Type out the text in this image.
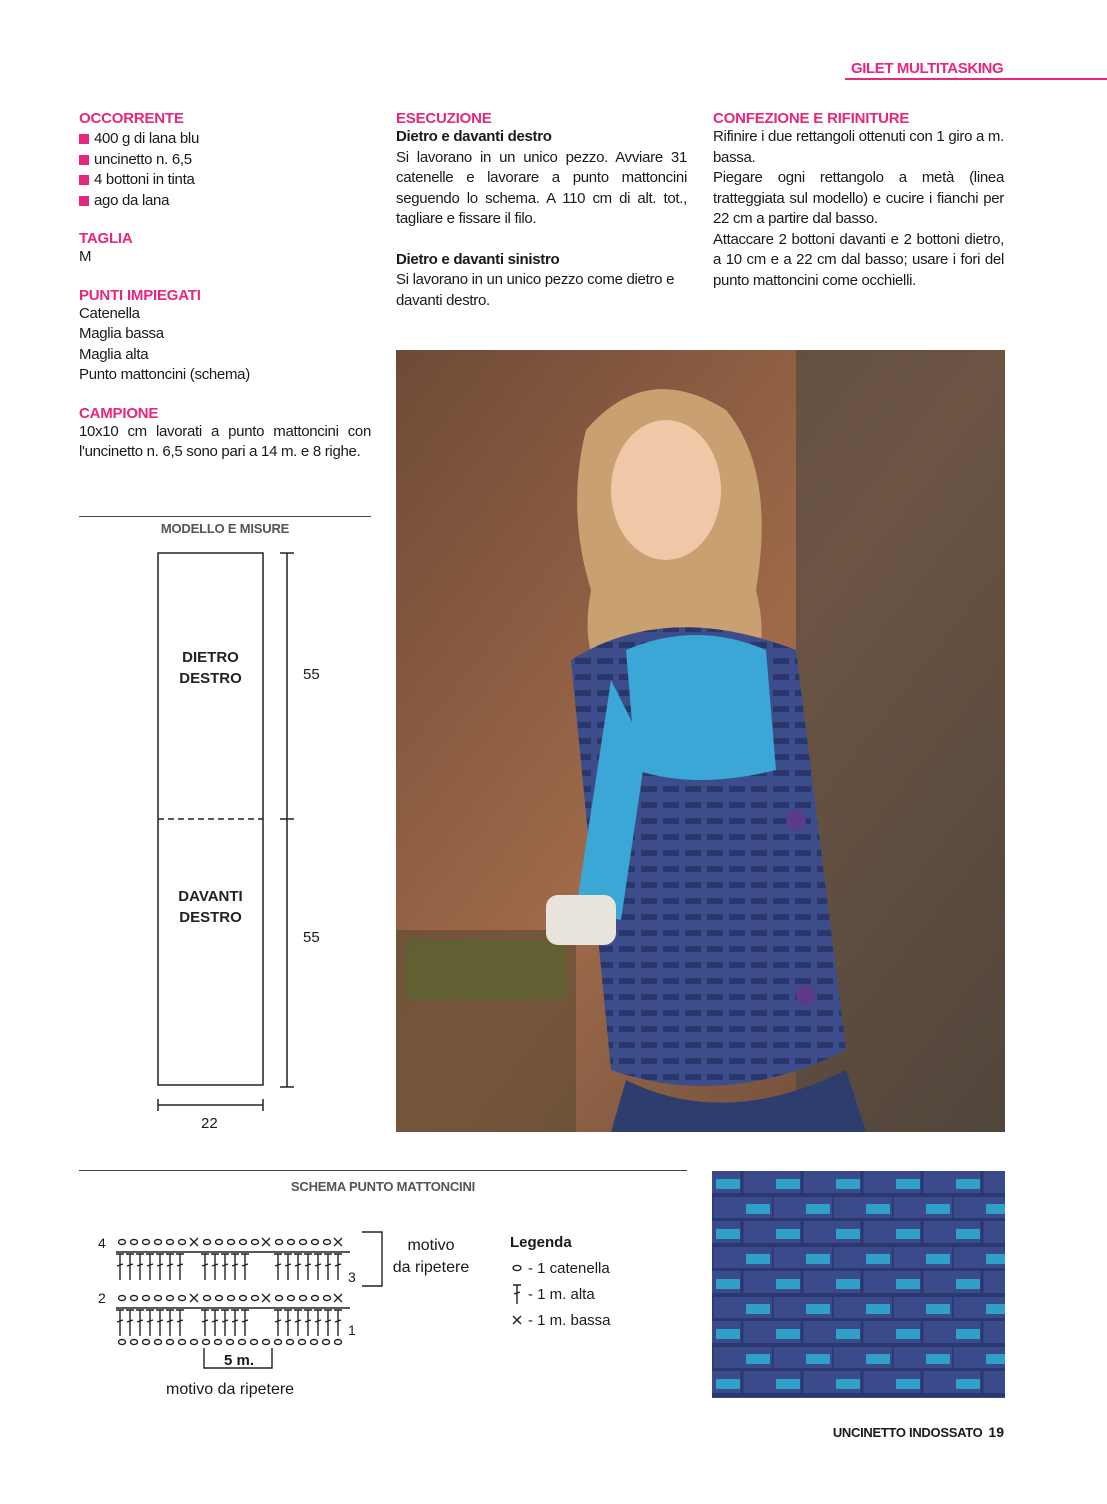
GILET MULTITASKING
OCCORRENTE
400 g di lana blu
uncinetto n. 6,5
4 bottoni in tinta
ago da lana
TAGLIA
M
PUNTI IMPIEGATI
Catenella
Maglia bassa
Maglia alta
Punto mattoncini (schema)
CAMPIONE
10x10 cm lavorati a punto mattoncini con l'uncinetto n. 6,5 sono pari a 14 m. e 8 righe.
ESECUZIONE
Dietro e davanti destro
Si lavorano in un unico pezzo. Avviare 31 catenelle e lavorare a punto mattoncini seguendo lo schema. A 110 cm di alt. tot., tagliare e fissare il filo.
Dietro e davanti sinistro
Si lavorano in un unico pezzo come dietro e davanti destro.
CONFEZIONE E RIFINITURE
Rifinire i due rettangoli ottenuti con 1 giro a m. bassa.
Piegare ogni rettangolo a metà (linea tratteggiata sul modello) e cucire i fianchi per 22 cm a partire dal basso.
Attaccare 2 bottoni davanti e 2 bottoni dietro, a 10 cm e a 22 cm dal basso; usare i fori del punto mattoncini come occhielli.
MODELLO E MISURE
DIETRO
DESTRO
DAVANTI
DESTRO
55
55
22
SCHEMA PUNTO MATTONCINI
4
3
2
1
5 m.
motivo da ripetere
motivo
da ripetere
Legenda
- 1 catenella
- 1 m. alta
- 1 m. bassa
UNCINETTO INDOSSATO 19
